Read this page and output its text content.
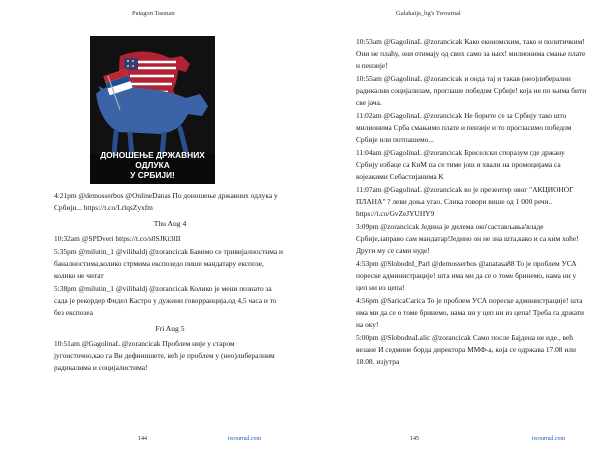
Patagon Tasman
ДОНОШЕЊЕ ДРЖАВНИХ ОДЛУКА
У СРБИЈИ!

4:21pm @demosserbos @OnlineDanas По доношење државних одлука у Србији... https://t.co/LrlqsZyxfm

Thu Aug 4

10:32am @SPDveri https://t.co/s0SJKt3lII

5:35pm @milutin_1 @vilibaldj @zorancicak Бавимо се тривијалностима и баналностима,колико стрмима експозедо пише мандатару експозе, колико не читат

5:38pm @milutin_1 @vilibaldj @zorancicak Колико је мени познато за сада је рекордер Фидел Кастро у дужини говорранција,од 4,5 часа и то без експозеа

Fri Aug 5

10:51am @GagolinaL @zorancicak Проблем није у старом југоисточно,као га Ви дефинишете, већ је проблем у (нео)либералним радикалима и социјалистима!

144	twournal.com
Galakaija_bg's Twournal

10:53am @GagolinaL @zorancicak Како економским, тако и политичким! Они не плаћу, они отимају од свих само за њих! милионима смање плате и пензије!

10:55am @GagolinaL @zorancicak и онда тај и такав (нео)либерални радикални социјализам, проглаше победом Србије! која не по њима бити све јача.

11:02am @GagolinaL @zorancicak Не борите се за Србију тако што милионима Срба смањимо плате и пензије и то проглаcимо победом Србије или потпашемо...

11:04am @GagolinaL @zorancicak Бриселски споразум где држану Србију избаце са КиМ па се тиме још и хвали на промоцијама са којеакими Себастијанима К

11:07am @GagolinaL @zorancicak во је презентер овог "АКЦИОНОГ ПЛАНА" ? леви доња угао. Слика говори више од 1 000 речи.. https://t.co/GvZeJYUHY9

3:09pm @zorancicak Једина је дилема око'састављања'владе Србије,заправо сам мандатар!Једино он не зна шта,како и са ким хоће!Други му се сами нуде!

4:53pm @SlobodnI_Parl @demosserbos @anatasa88 То је проблем УСА пореске администрације! шта има ми да се о томе бринемо, нама ни у цеп ни из цепа!

4:56pm @SaricaCarica То је проблем УСА пореске администрације! шта има ми да се о томе бринемо, нама ни у цеп ни из цепа! Треба га држати на оку!

5:00pm @SlobodnaLalic @zorancicak Само после Бајдена не иде., већ везане И седмине борда директора ММФ-а, која се одржава 17.08 или 18.08. изјутра

145	twournal.com
